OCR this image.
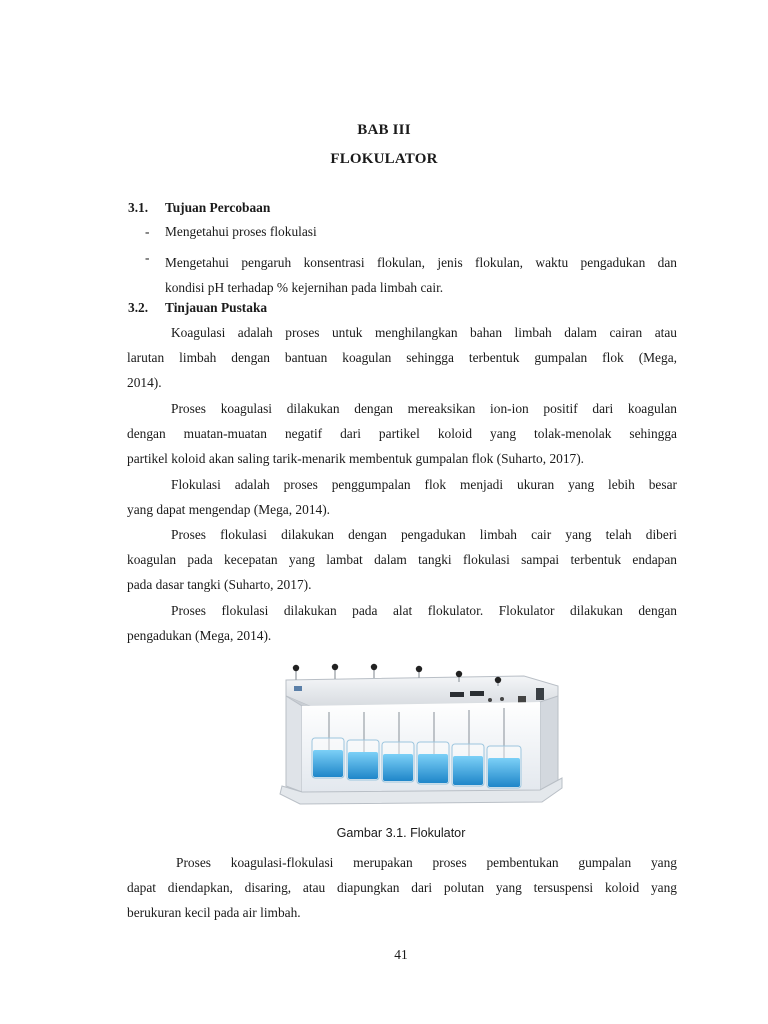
BAB III
FLOKULATOR
3.1. Tujuan Percobaan
- Mengetahui proses flokulasi
- Mengetahui pengaruh konsentrasi flokulan, jenis flokulan, waktu pengadukan dan
kondisi pH terhadap % kejernihan pada limbah cair.
3.2. Tinjauan Pustaka
Koagulasi adalah proses untuk menghilangkan bahan limbah dalam cairan atau
larutan limbah dengan bantuan koagulan sehingga terbentuk gumpalan flok (Mega,
2014).
Proses koagulasi dilakukan dengan mereaksikan ion-ion positif dari koagulan
dengan muatan-muatan negatif dari partikel koloid yang tolak-menolak sehingga
partikel koloid akan saling tarik-menarik membentuk gumpalan flok (Suharto, 2017).
Flokulasi adalah proses penggumpalan flok menjadi ukuran yang lebih besar
yang dapat mengendap (Mega, 2014).
Proses flokulasi dilakukan dengan pengadukan limbah cair yang telah diberi
koagulan pada kecepatan yang lambat dalam tangki flokulasi sampai terbentuk endapan
pada dasar tangki (Suharto, 2017).
Proses flokulasi dilakukan pada alat flokulator. Flokulator dilakukan dengan
pengadukan (Mega, 2014).
Gambar 3.1. Flokulator
Proses koagulasi-flokulasi merupakan proses pembentukan gumpalan yang
dapat diendapkan, disaring, atau diapungkan dari polutan yang tersuspensi koloid yang
berukuran kecil pada air limbah.
41
